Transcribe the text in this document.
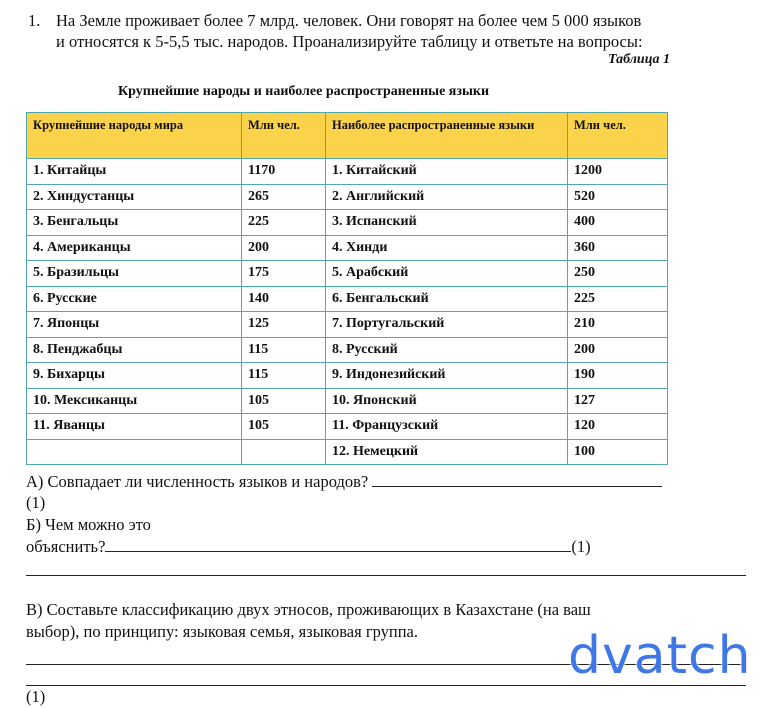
1. На Земле проживает более 7 млрд. человек. Они говорят на более чем 5 000 языков
и относятся к 5-5,5 тыс. народов. Проанализируйте таблицу и ответьте на вопросы:
Таблица 1
Крупнейшие народы и наиболее распространенные языки
Крупнейшие народы мира	Млн чел.	Наиболее распространенные языки	Млн чел.
1. Китайцы	1170	1. Китайский	1200
2. Хиндустанцы	265	2. Английский	520
3. Бенгальцы	225	3. Испанский	400
4. Американцы	200	4. Хинди	360
5. Бразильцы	175	5. Арабский	250
6. Русские	140	6. Бенгальский	225
7. Японцы	125	7. Португальский	210
8. Пенджабцы	115	8. Русский	200
9. Бихарцы	115	9. Индонезийский	190
10. Мексиканцы	105	10. Японский	127
11. Яванцы	105	11. Французский	120
		12. Немецкий	100
А) Совпадает ли численность языков и народов?
(1)
Б) Чем можно это
объяснить?	(1)
В) Составьте классификацию двух этносов, проживающих в Казахстане (на ваш
выбор), по принципу: языковая семья, языковая группа.
(1)
dvatch
